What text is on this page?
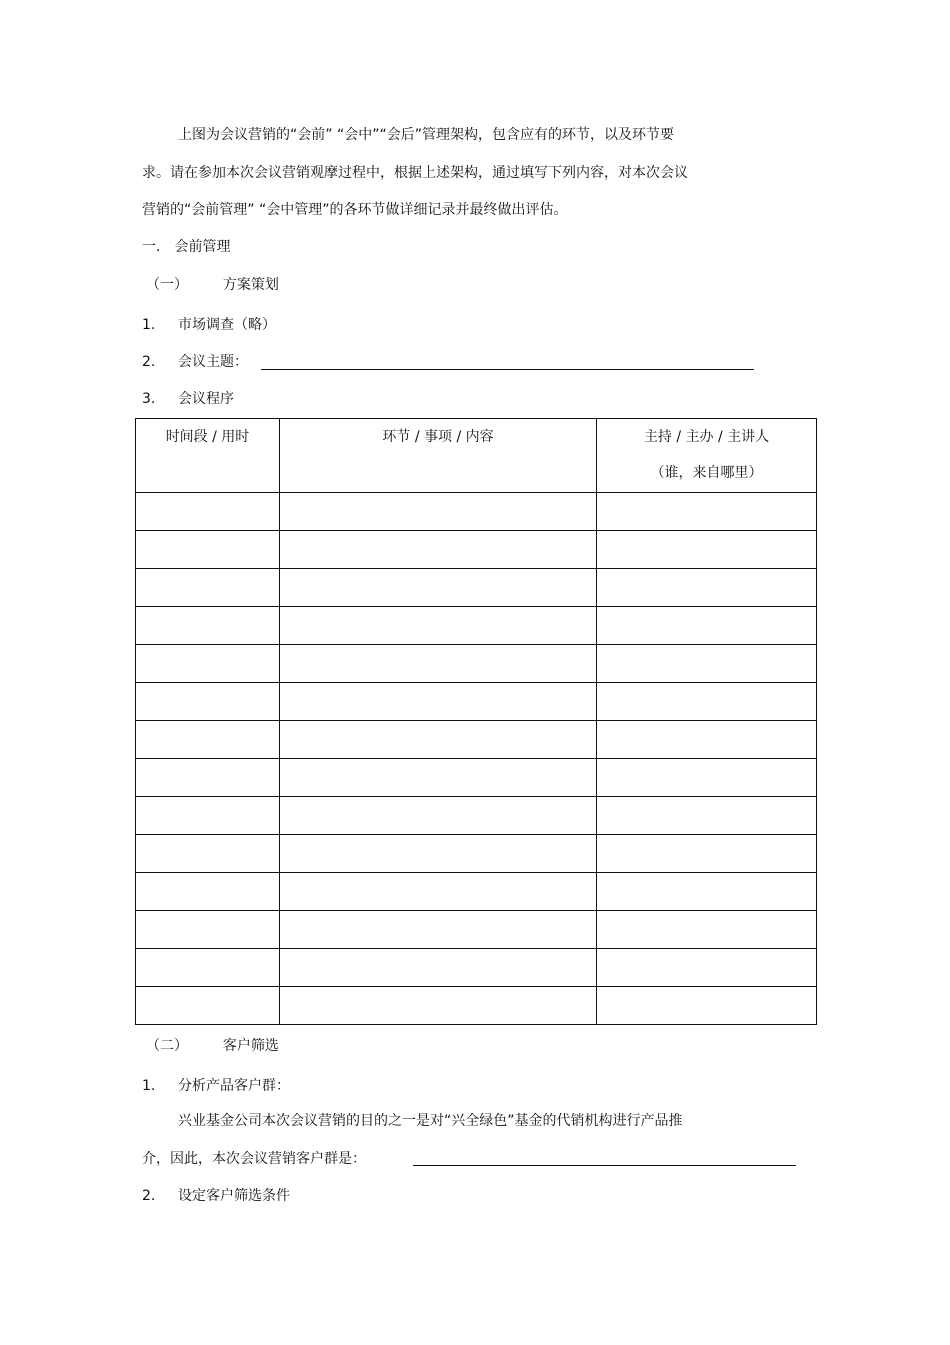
上图为会议营销的“会前” “会中”“会后”管理架构，包含应有的环节，以及环节要
求。请在参加本次会议营销观摩过程中，根据上述架构，通过填写下列内容，对本次会议
营销的“会前管理” “会中管理”的各环节做详细记录并最终做出评估。
一． 会前管理
（一） 方案策划
1. 市场调查（略）
2. 会议主题：
3. 会议程序
时间段 / 用时	环节 / 事项 / 内容	主持 / 主办 / 主讲人
（谁，来自哪里）

（二） 客户筛选
1. 分析产品客户群：
兴业基金公司本次会议营销的目的之一是对“兴全绿色”基金的代销机构进行产品推
介，因此，本次会议营销客户群是：
2. 设定客户筛选条件
